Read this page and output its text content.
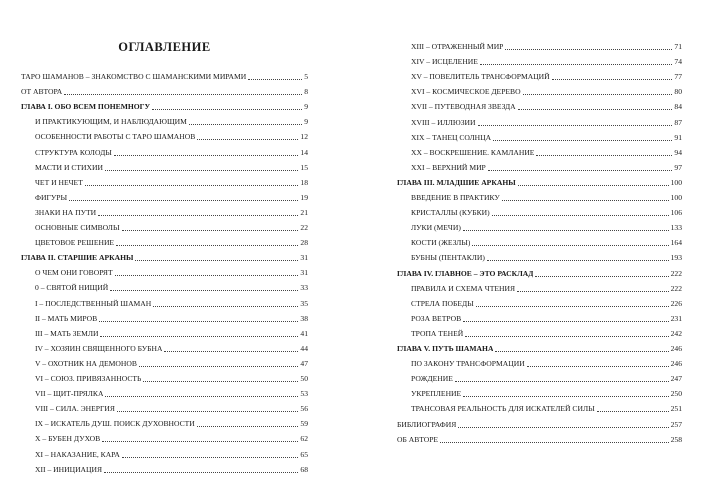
ОГЛАВЛЕНИЕ
ТАРО ШАМАНОВ – ЗНАКОМСТВО С ШАМАНСКИМИ МИРАМИ	5
ОТ АВТОРА	8
ГЛАВА I. ОБО ВСЕМ ПОНЕМНОГУ	9
И ПРАКТИКУЮЩИМ, И НАБЛЮДАЮЩИМ	9
ОСОБЕННОСТИ РАБОТЫ С ТАРО ШАМАНОВ	12
СТРУКТУРА КОЛОДЫ	14
МАСТИ И СТИХИИ	15
ЧЕТ И НЕЧЕТ	18
ФИГУРЫ	19
ЗНАКИ НА ПУТИ	21
ОСНОВНЫЕ СИМВОЛЫ	22
ЦВЕТОВОЕ РЕШЕНИЕ	28
ГЛАВА II. СТАРШИЕ АРКАНЫ	31
О ЧЕМ ОНИ ГОВОРЯТ	31
0 – СВЯТОЙ НИЩИЙ	33
I – ПОСЛЕДСТВЕННЫЙ ШАМАН	35
II – МАТЬ МИРОВ	38
III – МАТЬ ЗЕМЛИ	41
IV – ХОЗЯИН СВЯЩЕННОГО БУБНА	44
V – ОХОТНИК НА ДЕМОНОВ	47
VI – СОЮЗ. ПРИВЯЗАННОСТЬ	50
VII – ЩИТ-ПРЯЛКА	53
VIII – СИЛА. ЭНЕРГИЯ	56
IX – ИСКАТЕЛЬ ДУШ. ПОИСК ДУХОВНОСТИ	59
X – БУБЕН ДУХОВ	62
XI – НАКАЗАНИЕ, КАРА	65
XII – ИНИЦИАЦИЯ	68
XIII – ОТРАЖЕННЫЙ МИР	71
XIV – ИСЦЕЛЕНИЕ	74
XV – ПОВЕЛИТЕЛЬ ТРАНСФОРМАЦИЙ	77
XVI – КОСМИЧЕСКОЕ ДЕРЕВО	80
XVII – ПУТЕВОДНАЯ ЗВЕЗДА	84
XVIII – ИЛЛЮЗИИ	87
XIX – ТАНЕЦ СОЛНЦА	91
XX – ВОСКРЕШЕНИЕ. КАМЛАНИЕ	94
XXI – ВЕРХНИЙ МИР	97
ГЛАВА III. МЛАДШИЕ АРКАНЫ	100
ВВЕДЕНИЕ В ПРАКТИКУ	100
КРИСТАЛЛЫ (КУБКИ)	106
ЛУКИ (МЕЧИ)	133
КОСТИ (ЖЕЗЛЫ)	164
БУБНЫ (ПЕНТАКЛИ)	193
ГЛАВА IV. ГЛАВНОЕ – ЭТО РАСКЛАД	222
ПРАВИЛА И СХЕМА ЧТЕНИЯ	222
СТРЕЛА ПОБЕДЫ	226
РОЗА ВЕТРОВ	231
ТРОПА ТЕНЕЙ	242
ГЛАВА V. ПУТЬ ШАМАНА	246
ПО ЗАКОНУ ТРАНСФОРМАЦИИ	246
РОЖДЕНИЕ	247
УКРЕПЛЕНИЕ	250
ТРАНСОВАЯ РЕАЛЬНОСТЬ ДЛЯ ИСКАТЕЛЕЙ СИЛЫ	251
БИБЛИОГРАФИЯ	257
ОБ АВТОРЕ	258
